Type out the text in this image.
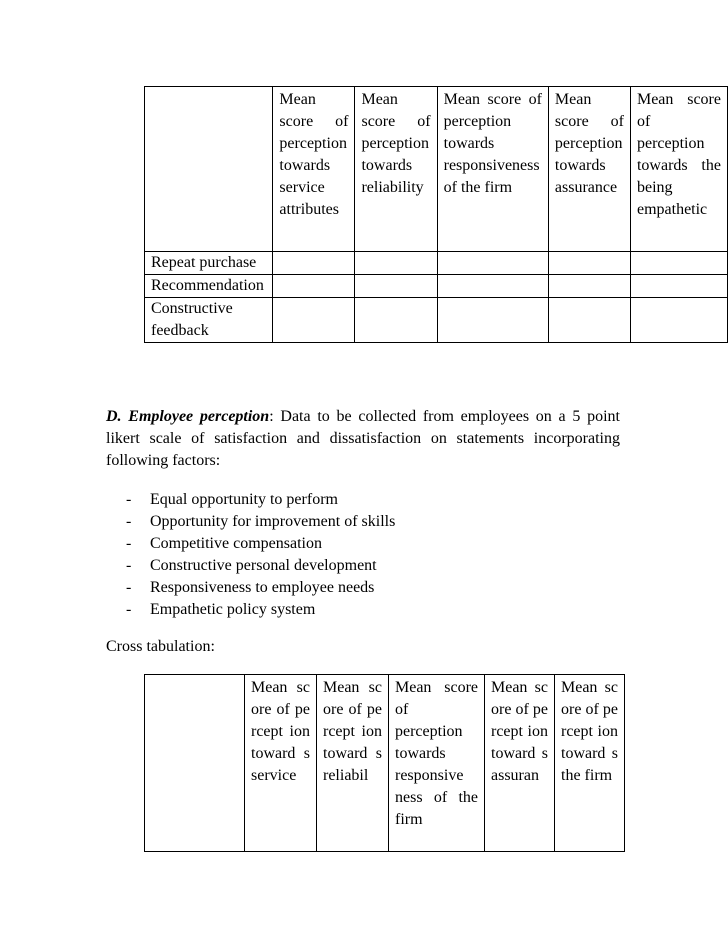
	Mean score of perception towards service attributes	Mean score of perception towards reliability	Mean score of perception towards responsiveness of the firm	Mean score of perception towards assurance	Mean score of perception towards the being empathetic

Repeat purchase					
Recommendation					
Constructive feedback					

D. Employee perception: Data to be collected from employees on a 5 point likert scale of satisfaction and dissatisfaction on statements incorporating following factors:

- Equal opportunity to perform
- Opportunity for improvement of skills
- Competitive compensation
- Constructive personal development
- Responsiveness to employee needs
- Empathetic policy system
Cross tabulation:
	Mean score of percept ion toward s service	Mean score of percept ion toward s reliabil	Mean score of perception towards responsive ness of the firm	Mean score of percept ion toward s assuran	Mean score of percept ion toward s the firm
